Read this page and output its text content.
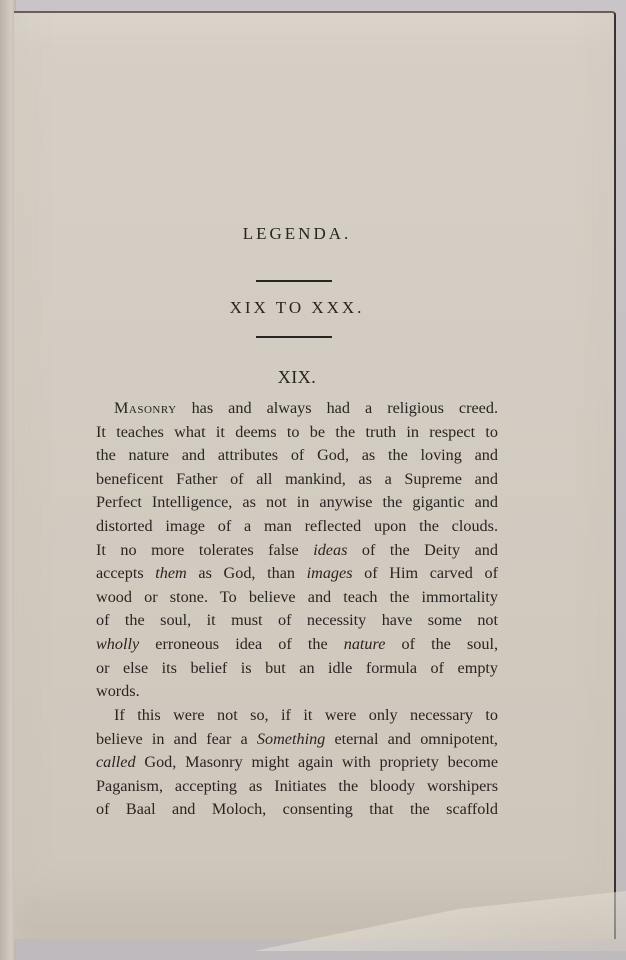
LEGENDA.
XIX TO XXX.
XIX.
Masonry has and always had a religious creed.
It teaches what it deems to be the truth in respect to
the nature and attributes of God, as the loving and
beneficent Father of all mankind, as a Supreme and
Perfect Intelligence, as not in anywise the gigantic and
distorted image of a man reflected upon the clouds.
It no more tolerates false ideas of the Deity and
accepts them as God, than images of Him carved of
wood or stone. To believe and teach the immortality
of the soul, it must of necessity have some not
wholly erroneous idea of the nature of the soul,
or else its belief is but an idle formula of empty
words.
If this were not so, if it were only necessary to
believe in and fear a Something eternal and omnipotent,
called God, Masonry might again with propriety become
Paganism, accepting as Initiates the bloody worshipers
of Baal and Moloch, consenting that the scaffold
